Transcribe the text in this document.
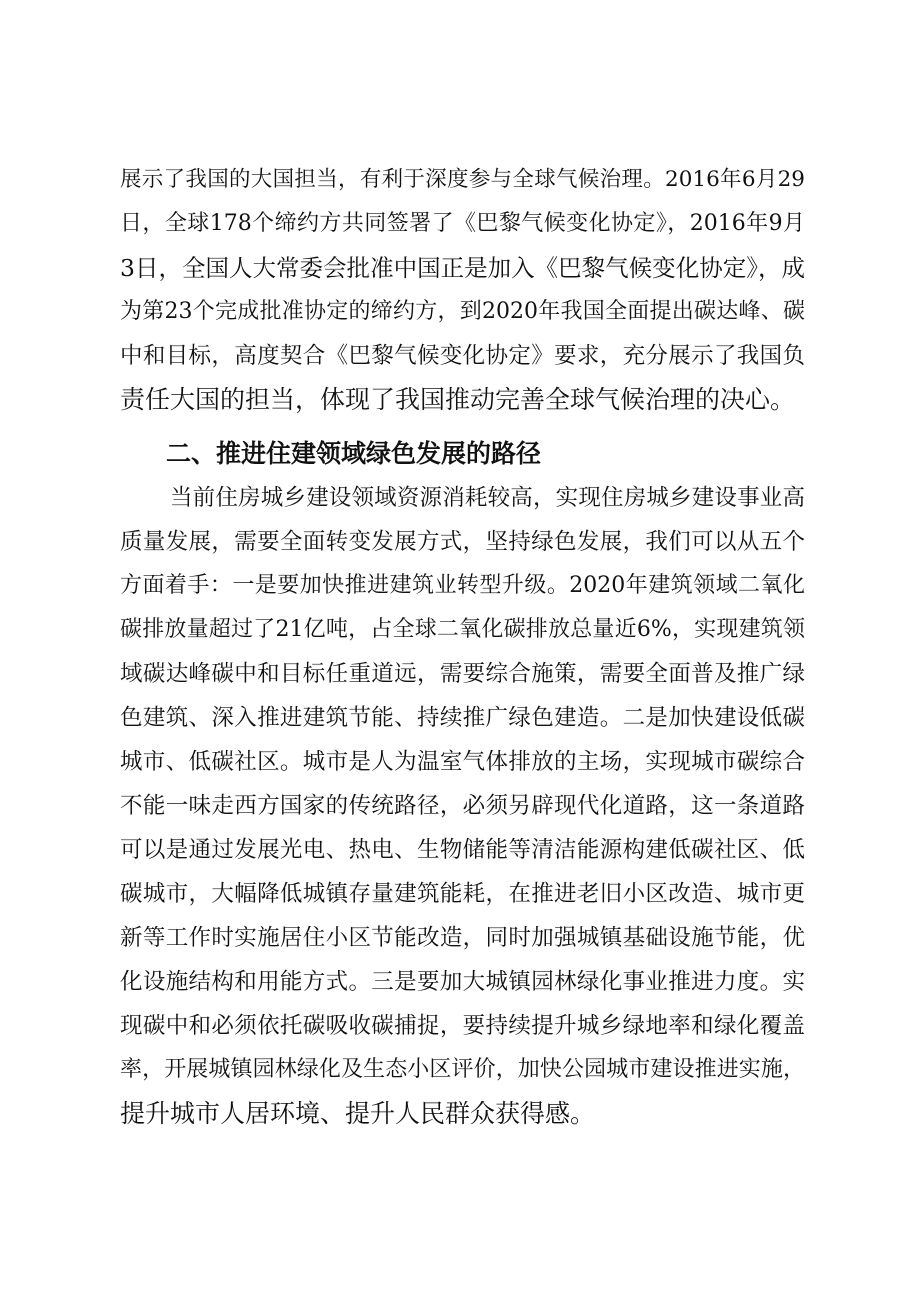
展示了我国的大国担当，有利于深度参与全球气候治理。2016年6月29
日，全球178个缔约方共同签署了《巴黎气候变化协定》，2016年9月
3日，全国人大常委会批准中国正是加入《巴黎气候变化协定》，成
为第23个完成批准协定的缔约方，到2020年我国全面提出碳达峰、碳
中和目标，高度契合《巴黎气候变化协定》要求，充分展示了我国负
责任大国的担当，体现了我国推动完善全球气候治理的决心。
二、推进住建领域绿色发展的路径
当前住房城乡建设领域资源消耗较高，实现住房城乡建设事业高
质量发展，需要全面转变发展方式，坚持绿色发展，我们可以从五个
方面着手：一是要加快推进建筑业转型升级。2020年建筑领域二氧化
碳排放量超过了21亿吨，占全球二氧化碳排放总量近6%，实现建筑领
域碳达峰碳中和目标任重道远，需要综合施策，需要全面普及推广绿
色建筑、深入推进建筑节能、持续推广绿色建造。二是加快建设低碳
城市、低碳社区。城市是人为温室气体排放的主场，实现城市碳综合
不能一味走西方国家的传统路径，必须另辟现代化道路，这一条道路
可以是通过发展光电、热电、生物储能等清洁能源构建低碳社区、低
碳城市，大幅降低城镇存量建筑能耗，在推进老旧小区改造、城市更
新等工作时实施居住小区节能改造，同时加强城镇基础设施节能，优
化设施结构和用能方式。三是要加大城镇园林绿化事业推进力度。实
现碳中和必须依托碳吸收碳捕捉，要持续提升城乡绿地率和绿化覆盖
率，开展城镇园林绿化及生态小区评价，加快公园城市建设推进实施，
提升城市人居环境、提升人民群众获得感。
